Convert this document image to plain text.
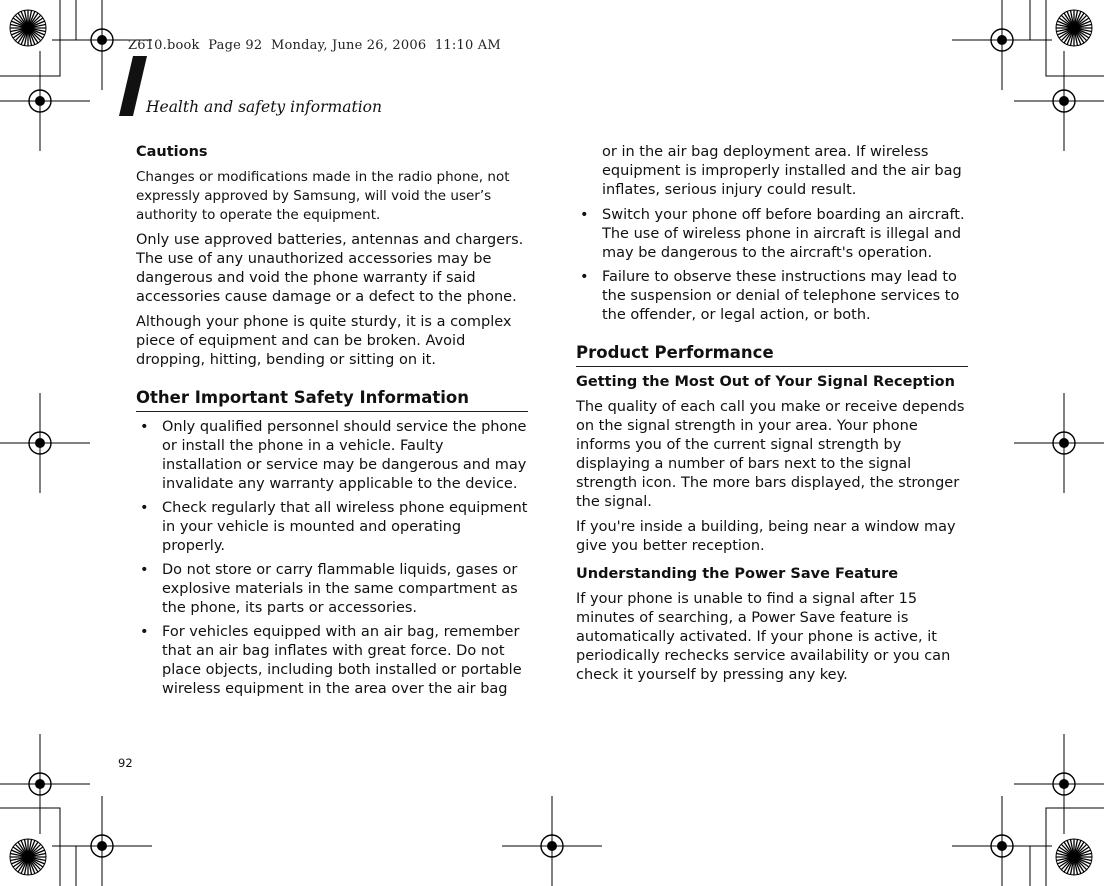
Z610.book  Page 92  Monday, June 26, 2006  11:10 AM
Health and safety information
Cautions

Changes or modifications made in the radio phone, not expressly approved by Samsung, will void the user’s authority to operate the equipment.

Only use approved batteries, antennas and chargers. The use of any unauthorized accessories may be dangerous and void the phone warranty if said accessories cause damage or a defect to the phone.

Although your phone is quite sturdy, it is a complex piece of equipment and can be broken. Avoid dropping, hitting, bending or sitting on it.

Other Important Safety Information
• Only qualified personnel should service the phone or install the phone in a vehicle. Faulty installation or service may be dangerous and may invalidate any warranty applicable to the device.
• Check regularly that all wireless phone equipment in your vehicle is mounted and operating properly.
• Do not store or carry flammable liquids, gases or explosive materials in the same compartment as the phone, its parts or accessories.
• For vehicles equipped with an air bag, remember that an air bag inflates with great force. Do not place objects, including both installed or portable wireless equipment in the area over the air bag

or in the air bag deployment area. If wireless equipment is improperly installed and the air bag inflates, serious injury could result.

• Switch your phone off before boarding an aircraft. The use of wireless phone in aircraft is illegal and may be dangerous to the aircraft's operation.
• Failure to observe these instructions may lead to the suspension or denial of telephone services to the offender, or legal action, or both.
Product Performance
Getting the Most Out of Your Signal Reception

The quality of each call you make or receive depends on the signal strength in your area. Your phone informs you of the current signal strength by displaying a number of bars next to the signal strength icon. The more bars displayed, the stronger the signal.

If you're inside a building, being near a window may give you better reception.

Understanding the Power Save Feature

If your phone is unable to find a signal after 15 minutes of searching, a Power Save feature is automatically activated. If your phone is active, it periodically rechecks service availability or you can check it yourself by pressing any key.

92
